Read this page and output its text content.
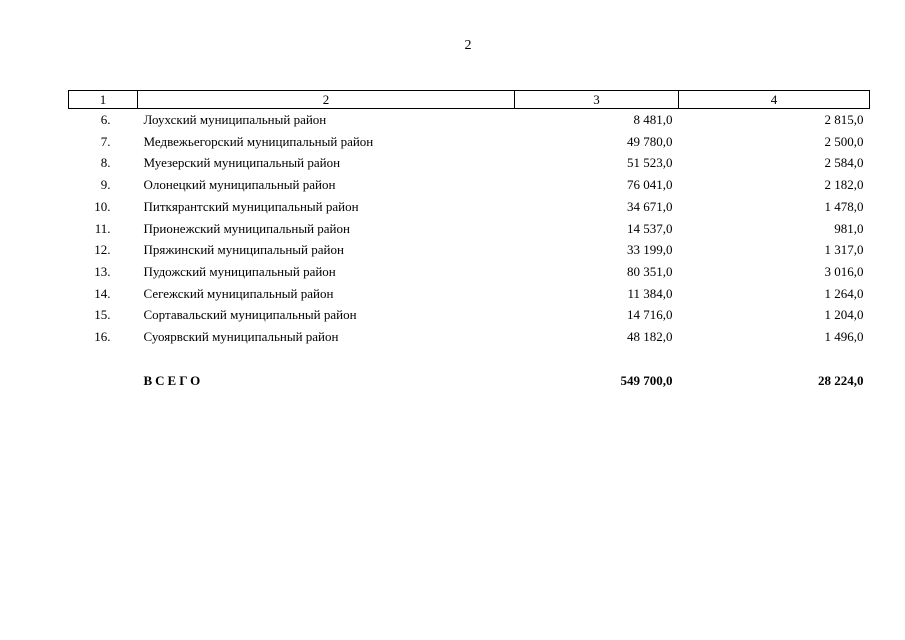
2
1	2	3	4
6.	Лоухский муниципальный район	8 481,0	2 815,0
7.	Медвежьегорский муниципальный район	49 780,0	2 500,0
8.	Муезерский муниципальный район	51 523,0	2 584,0
9.	Олонецкий муниципальный район	76 041,0	2 182,0
10.	Питкярантский муниципальный район	34 671,0	1 478,0
11.	Прионежский муниципальный район	14 537,0	981,0
12.	Пряжинский муниципальный район	33 199,0	1 317,0
13.	Пудожский муниципальный район	80 351,0	3 016,0
14.	Сегежский муниципальный район	11 384,0	1 264,0
15.	Сортавальский муниципальный район	14 716,0	1 204,0
16.	Суоярвский муниципальный район	48 182,0	1 496,0

	ВСЕГО	549 700,0	28 224,0
